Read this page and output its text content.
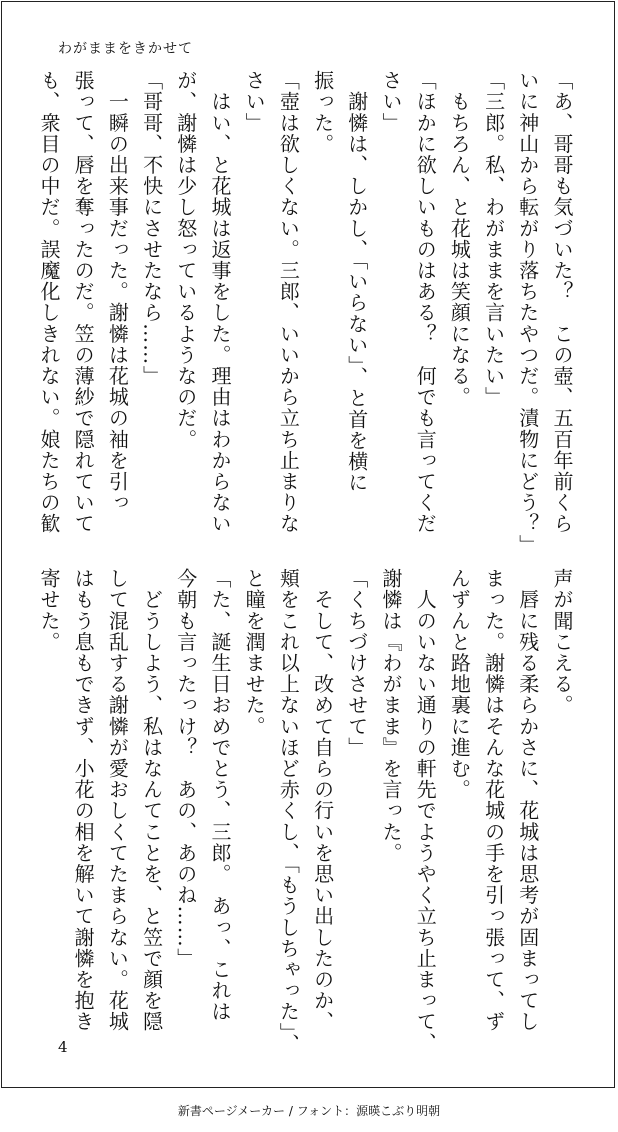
わがままをきかせて
「あ、哥哥も気づいた？　この壺、五百年前くら
いに神山から転がり落ちたやつだ。漬物にどう？」
「三郎。私、わがままを言いたい」
　もちろん、と花城は笑顔になる。
「ほかに欲しいものはある？　何でも言ってくだ
さい」
　謝憐は、しかし、「いらない」、と首を横に
振った。
「壺は欲しくない。三郎、いいから立ち止まりな
さい」
　はい、と花城は返事をした。理由はわからない
が、謝憐は少し怒っているようなのだ。
「哥哥、不快にさせたなら……」
　一瞬の出来事だった。謝憐は花城の袖を引っ
張って、唇を奪ったのだ。笠の薄紗で隠れていて
も、衆目の中だ。誤魔化しきれない。娘たちの歓
声が聞こえる。
　唇に残る柔らかさに、花城は思考が固まってし
まった。謝憐はそんな花城の手を引っ張って、ず
んずんと路地裏に進む。
　人のいない通りの軒先でようやく立ち止まって、
謝憐は『わがまま』を言った。
「くちづけさせて」
　そして、改めて自らの行いを思い出したのか、
頬をこれ以上ないほど赤くし、「もうしちゃった」、
と瞳を潤ませた。
「た、誕生日おめでとう、三郎。　あっ、これは
今朝も言ったっけ？　あの、あのね……」
　どうしよう、私はなんてことを、と笠で顔を隠
して混乱する謝憐が愛おしくてたまらない。花城
はもう息もできず、小花の相を解いて謝憐を抱き
寄せた。
4
新書ページメーカー / フォント：源暎こぶり明朝
